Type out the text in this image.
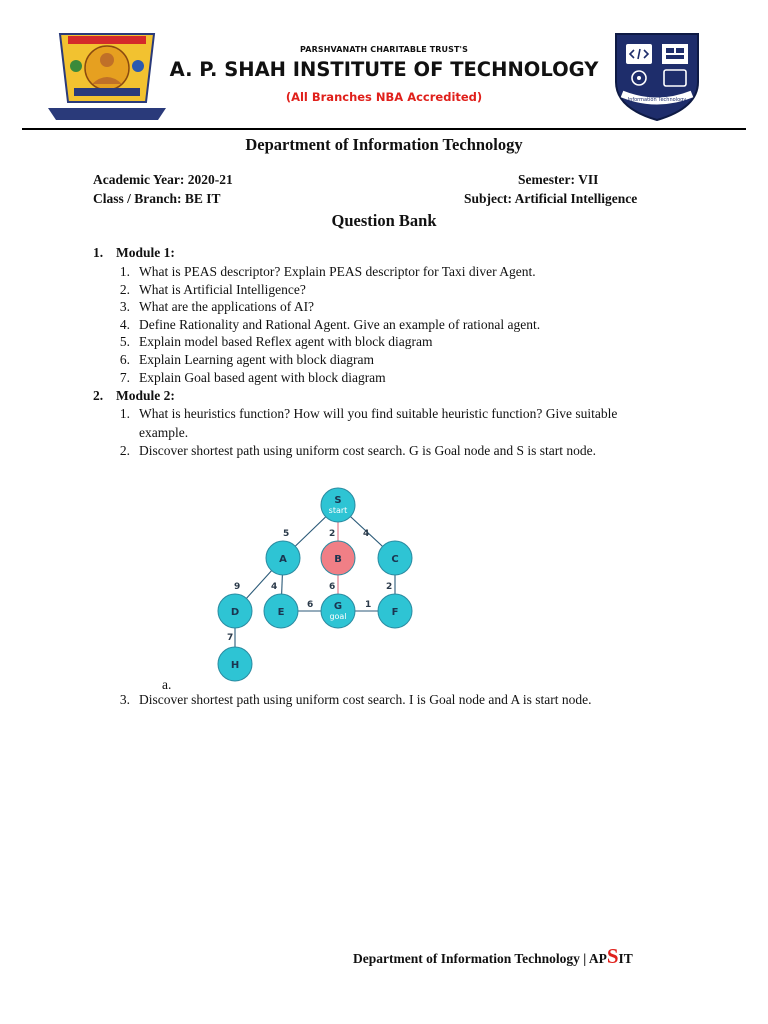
Information Technology
PARSHVANATH CHARITABLE TRUST'S
A. P. SHAH INSTITUTE OF TECHNOLOGY
(All Branches NBA Accredited)
Department of Information Technology
Academic Year: 2020-21	Semester: VII
Class / Branch: BE IT	Subject: Artificial Intelligence
Question Bank
1. Module 1:
1. What is PEAS descriptor? Explain PEAS descriptor for Taxi diver Agent.
2. What is Artificial Intelligence?
3. What are the applications of AI?
4. Define Rationality and Rational Agent. Give an example of rational agent.
5. Explain model based Reflex agent with block diagram
6. Explain Learning agent with block diagram
7. Explain Goal based agent with block diagram
2. Module 2:
1. What is heuristics function? How will you find suitable heuristic function? Give suitable
example.
2. Discover shortest path using uniform cost search. G is Goal node and S is start node.
5	2	4
9	4	6	2
6	1
7
S
start
A	B	C
D	E
G
goal	F
H
a.
3. Discover shortest path using uniform cost search. I is Goal node and A is start node.
Department of Information Technology | APSIT
